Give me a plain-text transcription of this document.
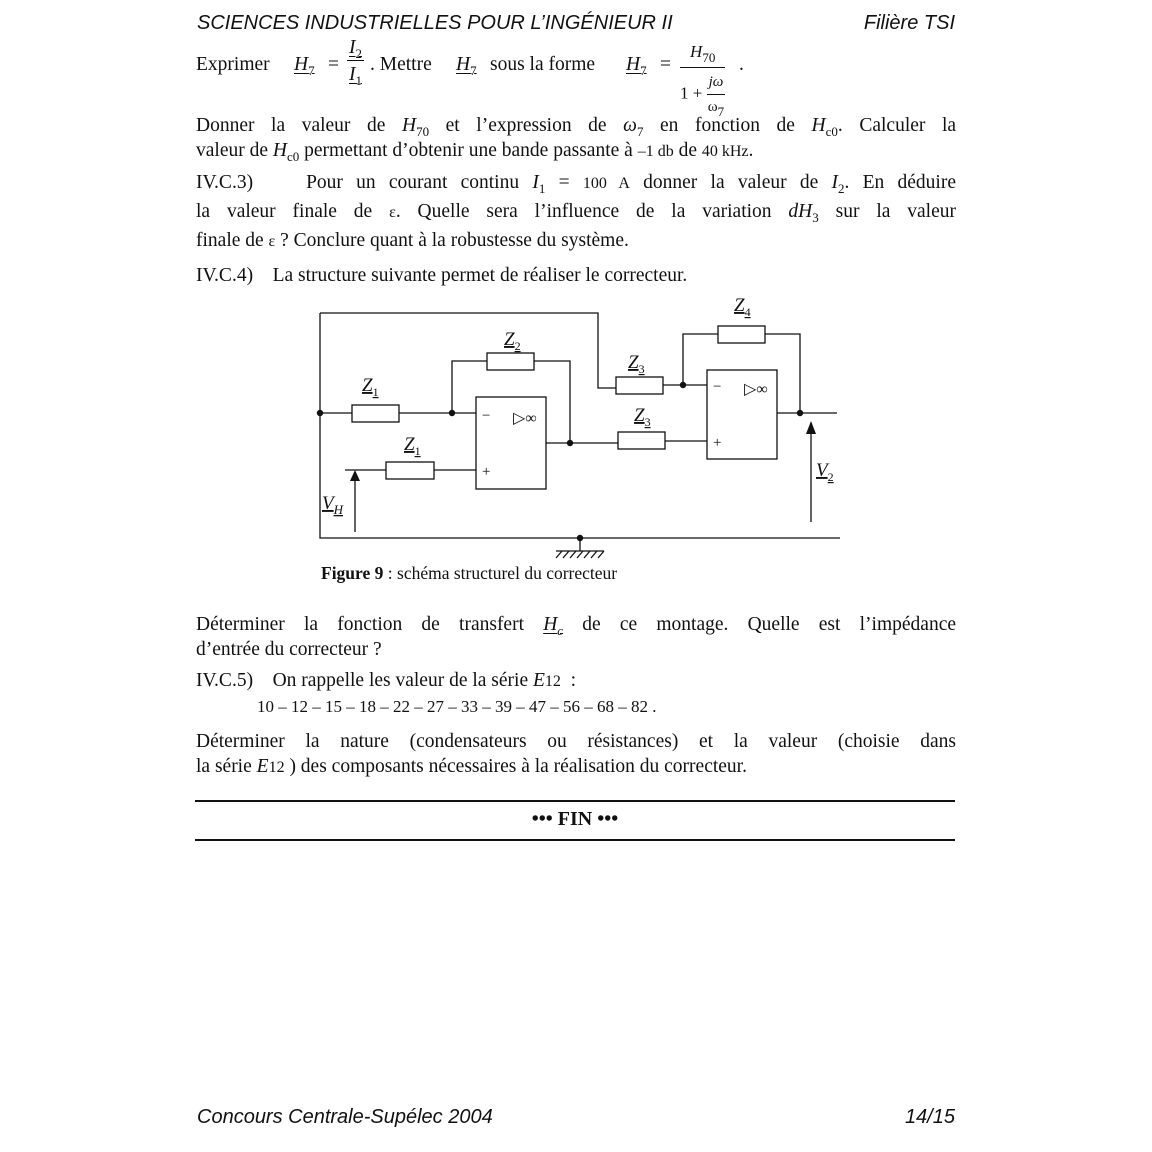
SCIENCES INDUSTRIELLES POUR L’INGÉNIEUR II	Filière TSI
Exprimer $H_7 = \frac{I_2}{I_1}$ . Mettre $H_7$ sous la forme $H_7$ =
$H_{70}$
$1 + \frac{j\omega}{\omega_7}$
.
Donner la valeur de $H_{70}$ et l’expression de $\omega_7$ en fonction de $H_{c0}$. Calculer la
valeur de $H_{c0}$ permettant d’obtenir une bande passante à –1 db de 40 kHz.
IV.C.3)	Pour un courant continu $I_1 = 100$ A donner la valeur de $I_2$. En déduire
la valeur finale de ε. Quelle sera l’influence de la variation $dH_3$ sur la valeur
finale de ε ? Conclure quant à la robustesse du système.
IV.C.4) La structure suivante permet de réaliser le correcteur.
$Z_1$
$Z_1$
$Z_2$
$Z_3$
$Z_3$
$Z_4$
$V_H$
$V_2$
−
+
▷∞
−
+
▷∞
Figure 9 : schéma structurel du correcteur
Déterminer la fonction de transfert $H_c$ de ce montage. Quelle est l’impédance
d’entrée du correcteur ?
IV.C.5) On rappelle les valeur de la série E12 :
10 – 12 – 15 – 18 – 22 – 27 – 33 – 39 – 47 – 56 – 68 – 82 .
Déterminer la nature (condensateurs ou résistances) et la valeur (choisie dans
la série E12 ) des composants nécessaires à la réalisation du correcteur.
••• FIN •••
Concours Centrale-Supélec 2004	14/15
